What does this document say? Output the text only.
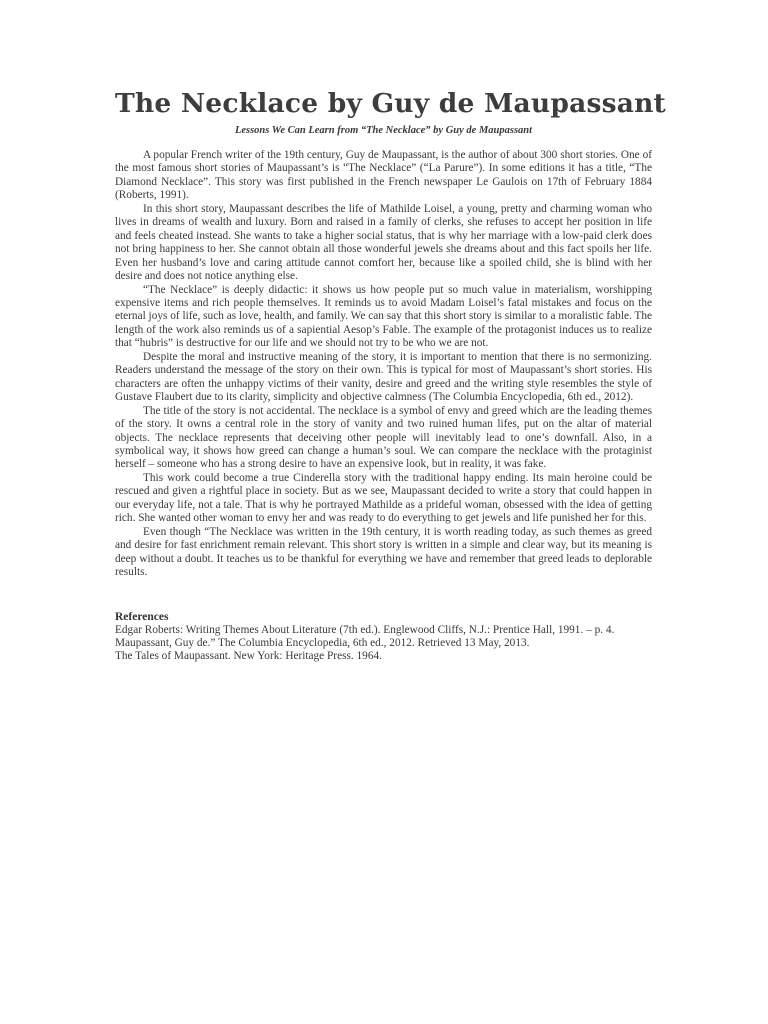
The Necklace by Guy de Maupassant
Lessons We Can Learn from “The Necklace” by Guy de Maupassant

A popular French writer of the 19th century, Guy de Maupassant, is the author of about 300 short stories. One of the most famous short stories of Maupassant’s is “The Necklace” (“La Parure”). In some editions it has a title, “The Diamond Necklace”. This story was first published in the French newspaper Le Gaulois on 17th of February 1884 (Roberts, 1991).

In this short story, Maupassant describes the life of Mathilde Loisel, a young, pretty and charming woman who lives in dreams of wealth and luxury. Born and raised in a family of clerks, she refuses to accept her position in life and feels cheated instead. She wants to take a higher social status, that is why her marriage with a low-paid clerk does not bring happiness to her. She cannot obtain all those wonderful jewels she dreams about and this fact spoils her life. Even her husband’s love and caring attitude cannot comfort her, because like a spoiled child, she is blind with her desire and does not notice anything else.

“The Necklace” is deeply didactic: it shows us how people put so much value in materialism, worshipping expensive items and rich people themselves. It reminds us to avoid Madam Loisel’s fatal mistakes and focus on the eternal joys of life, such as love, health, and family. We can say that this short story is similar to a moralistic fable. The length of the work also reminds us of a sapiential Aesop’s Fable. The example of the protagonist induces us to realize that “hubris” is destructive for our life and we should not try to be who we are not.

Despite the moral and instructive meaning of the story, it is important to mention that there is no sermonizing. Readers understand the message of the story on their own. This is typical for most of Maupassant’s short stories. His characters are often the unhappy victims of their vanity, desire and greed and the writing style resembles the style of Gustave Flaubert due to its clarity, simplicity and objective calmness (The Columbia Encyclopedia, 6th ed., 2012).

The title of the story is not accidental. The necklace is a symbol of envy and greed which are the leading themes of the story. It owns a central role in the story of vanity and two ruined human lifes, put on the altar of material objects. The necklace represents that deceiving other people will inevitably lead to one’s downfall. Also, in a symbolical way, it shows how greed can change a human’s soul. We can compare the necklace with the protaginist herself – someone who has a strong desire to have an expensive look, but in reality, it was fake.

This work could become a true Cinderella story with the traditional happy ending. Its main heroine could be rescued and given a rightful place in society. But as we see, Maupassant decided to write a story that could happen in our everyday life, not a tale. That is why he portrayed Mathilde as a prideful woman, obsessed with the idea of getting rich. She wanted other woman to envy her and was ready to do everything to get jewels and life punished her for this.

Even though “The Necklace was written in the 19th century, it is worth reading today, as such themes as greed and desire for fast enrichment remain relevant. This short story is written in a simple and clear way, but its meaning is deep without a doubt. It teaches us to be thankful for everything we have and remember that greed leads to deplorable results.

References

Edgar Roberts: Writing Themes About Literature (7th ed.). Englewood Cliffs, N.J.: Prentice Hall, 1991. – p. 4.

Maupassant, Guy de.” The Columbia Encyclopedia, 6th ed., 2012. Retrieved 13 May, 2013.

The Tales of Maupassant. New York: Heritage Press. 1964.
